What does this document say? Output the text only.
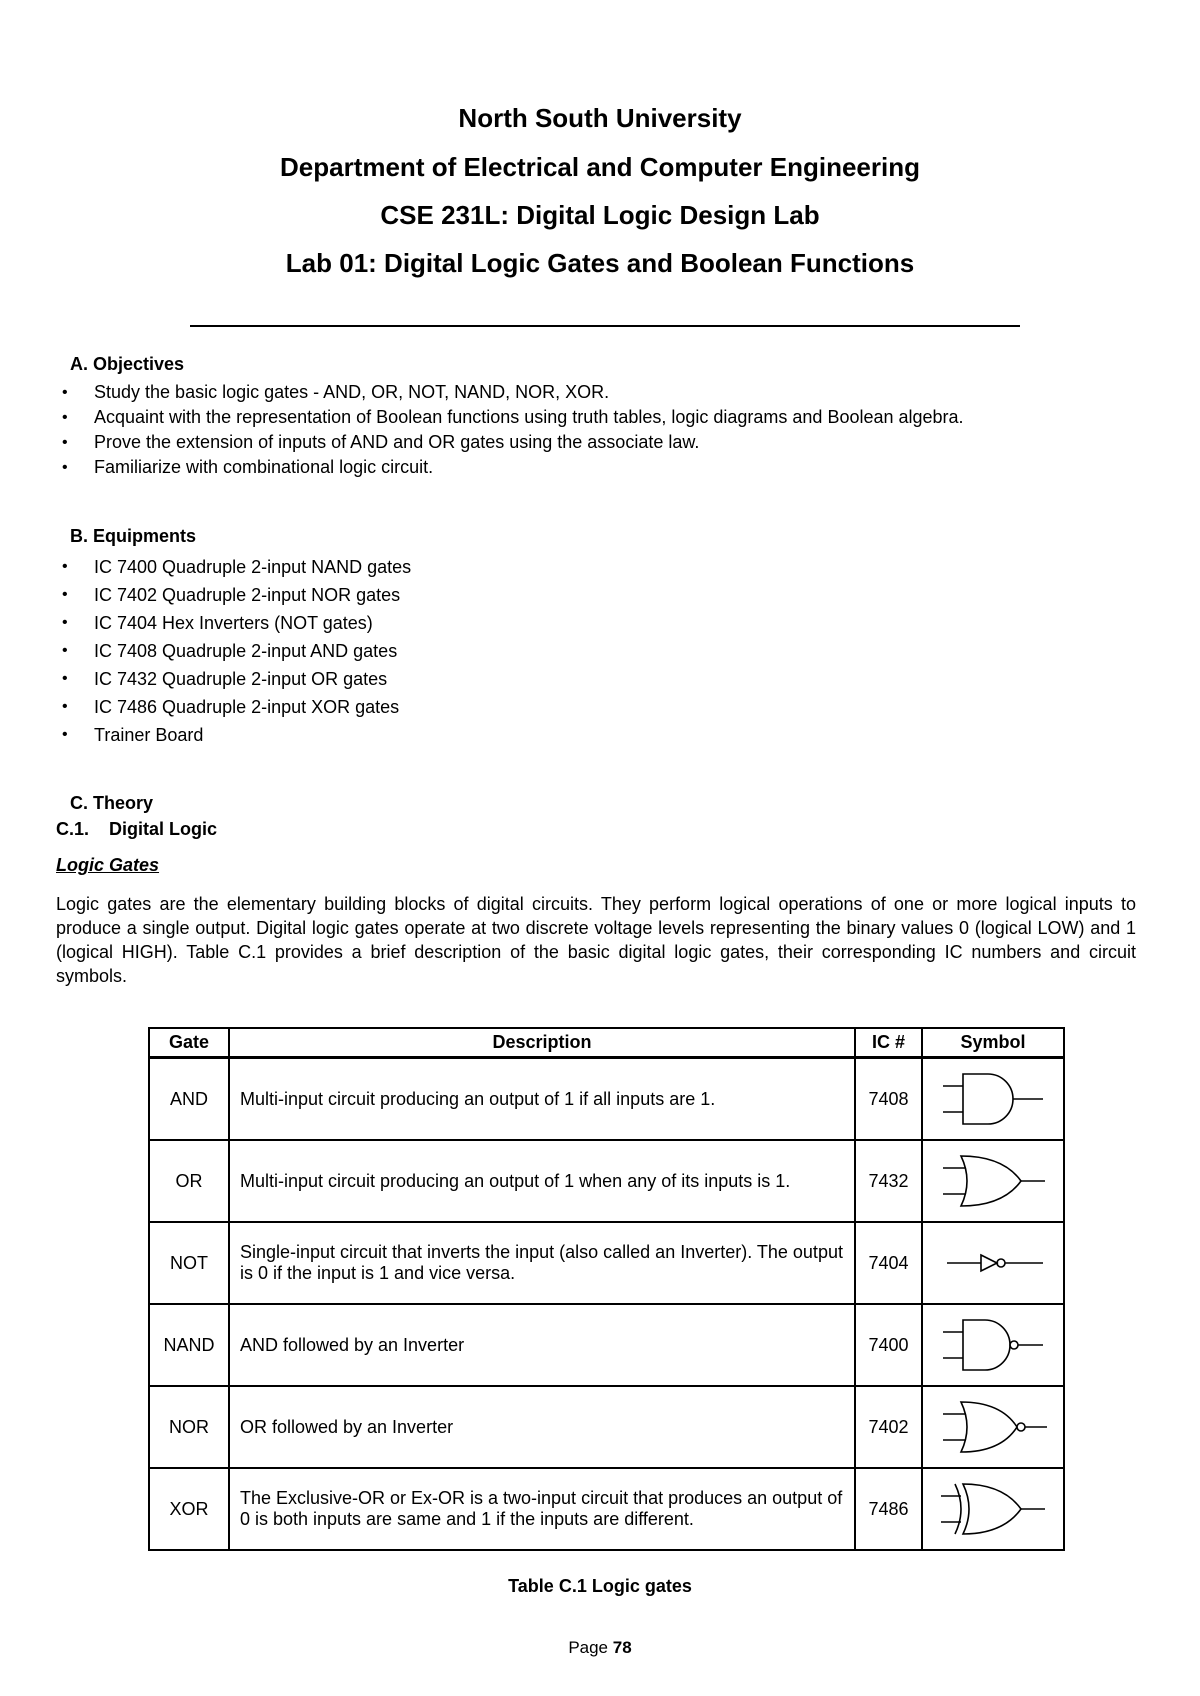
North South University
Department of Electrical and Computer Engineering
CSE 231L: Digital Logic Design Lab
Lab 01: Digital Logic Gates and Boolean Functions
A. Objectives
• Study the basic logic gates - AND, OR, NOT, NAND, NOR, XOR.
• Acquaint with the representation of Boolean functions using truth tables, logic diagrams and Boolean algebra.
• Prove the extension of inputs of AND and OR gates using the associate law.
• Familiarize with combinational logic circuit.
B. Equipments
• IC 7400 Quadruple 2-input NAND gates
• IC 7402 Quadruple 2-input NOR gates
• IC 7404 Hex Inverters (NOT gates)
• IC 7408 Quadruple 2-input AND gates
• IC 7432 Quadruple 2-input OR gates
• IC 7486 Quadruple 2-input XOR gates
• Trainer Board
C. Theory
C.1.    Digital Logic
Logic Gates
Logic gates are the elementary building blocks of digital circuits. They perform logical operations of one or more logical inputs to produce a single output. Digital logic gates operate at two discrete voltage levels representing the binary values 0 (logical LOW) and 1 (logical HIGH). Table C.1 provides a brief description of the basic digital logic gates, their corresponding IC numbers and circuit symbols.
Gate	Description	IC #	Symbol
AND	Multi-input circuit producing an output of 1 if all inputs are 1.	7408	

OR	Multi-input circuit producing an output of 1 when any of its inputs is 1.	7432	

NOT	Single-input circuit that inverts the input (also called an Inverter). The output is 0 if the input is 1 and vice versa.	7404	

NAND	AND followed by an Inverter	7400	

NOR	OR followed by an Inverter	7402	

XOR	The Exclusive-OR or Ex-OR is a two-input circuit that produces an output of 0 is both inputs are same and 1 if the inputs are different.	7486	
Table C.1 Logic gates
Page 78
